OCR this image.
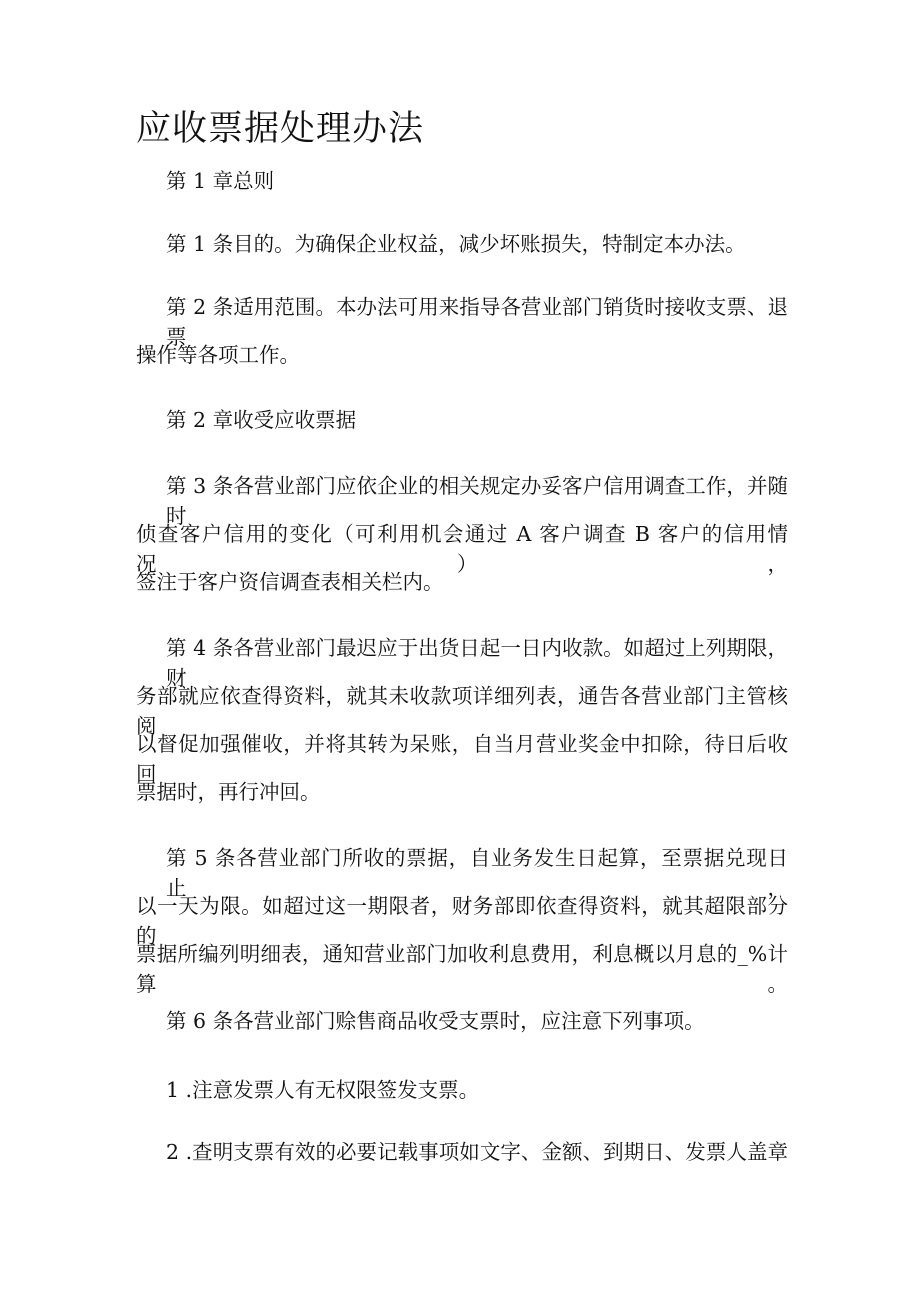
应收票据处理办法

第 1 章总则

第 1 条目的。为确保企业权益，减少坏账损失，特制定本办法。

第 2 条适用范围。本办法可用来指导各营业部门销货时接收支票、退票

操作等各项工作。

第 2 章收受应收票据

第 3 条各营业部门应依企业的相关规定办妥客户信用调查工作，并随时

侦查客户信用的变化（可利用机会通过 A 客户调查 B 客户的信用情况），

签注于客户资信调查表相关栏内。

第 4 条各营业部门最迟应于出货日起一日内收款。如超过上列期限，财

务部就应依查得资料，就其未收款项详细列表，通告各营业部门主管核阅

以督促加强催收，并将其转为呆账，自当月营业奖金中扣除，待日后收回

票据时，再行冲回。

第 5 条各营业部门所收的票据，自业务发生日起算，至票据兑现日止，

以一天为限。如超过这一期限者，财务部即依查得资料，就其超限部分的

票据所编列明细表，通知营业部门加收利息费用，利息概以月息的_%计算。

第 6 条各营业部门赊售商品收受支票时，应注意下列事项。

1 .注意发票人有无权限签发支票。

2 .查明支票有效的必要记载事项如文字、金额、到期日、发票人盖章
